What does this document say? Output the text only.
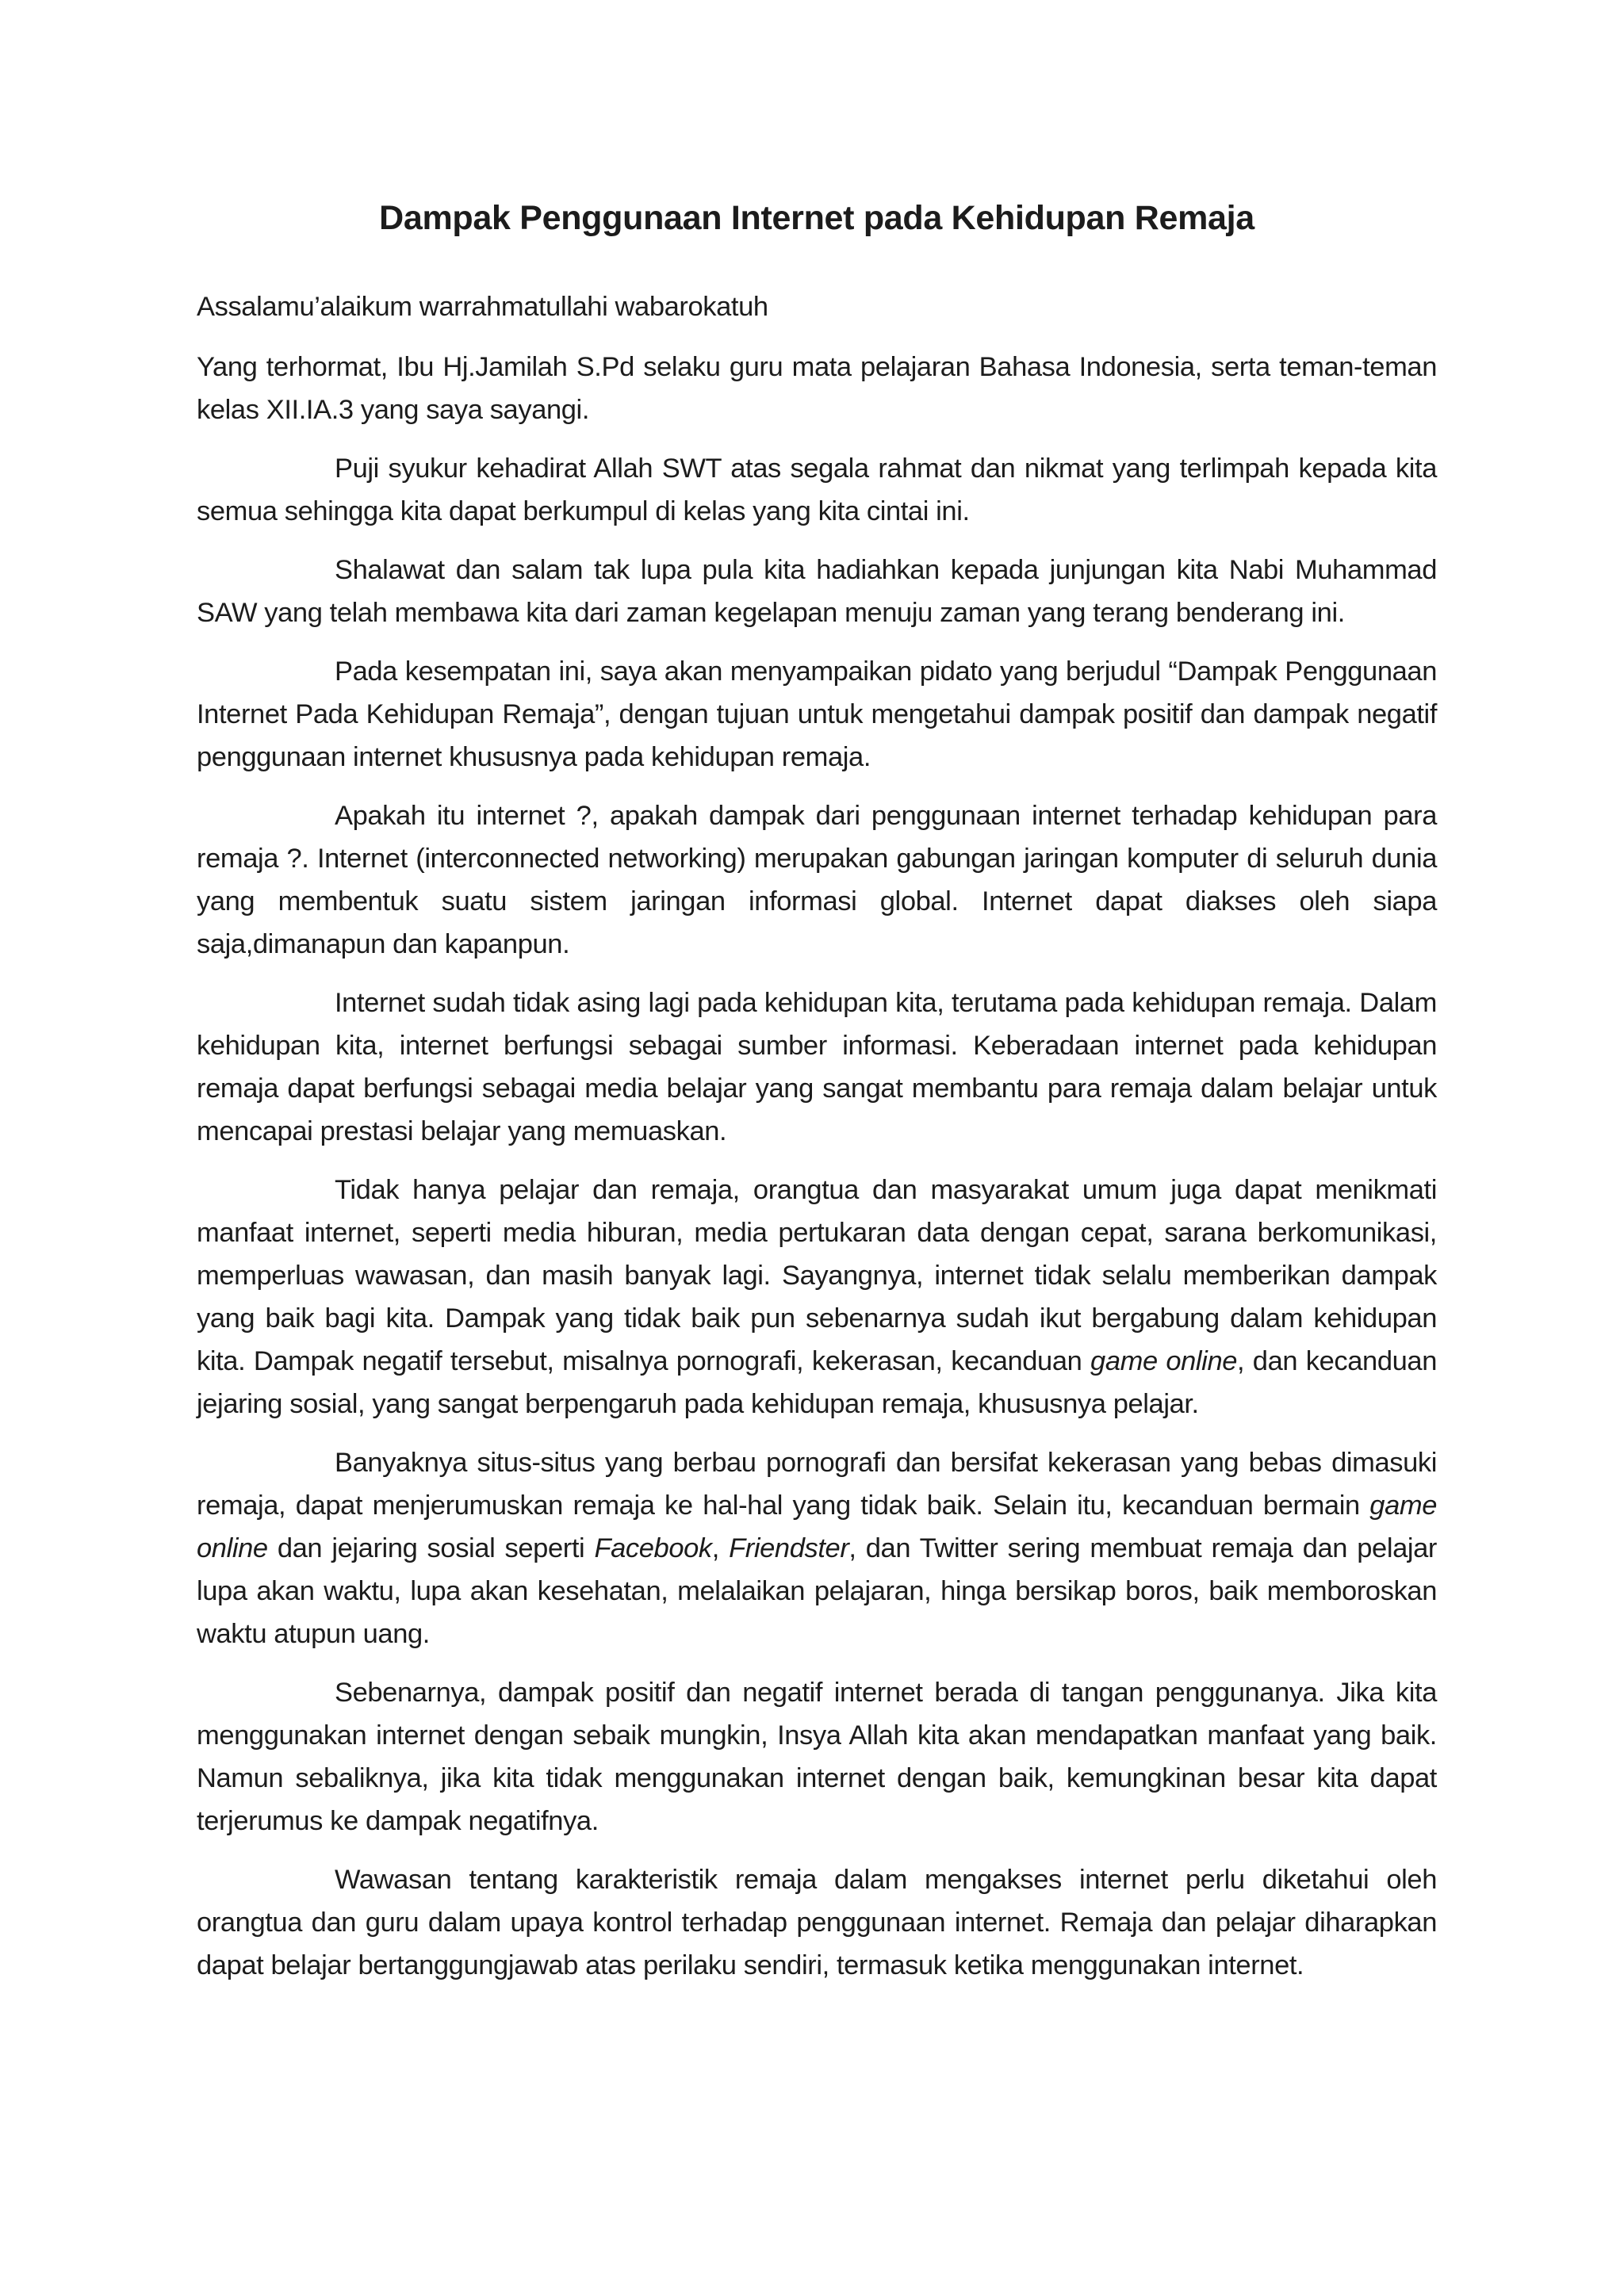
Dampak Penggunaan Internet pada Kehidupan Remaja

Assalamu’alaikum warrahmatullahi wabarokatuh

Yang terhormat, Ibu Hj.Jamilah S.Pd selaku guru mata pelajaran Bahasa Indonesia, serta teman-teman kelas XII.IA.3 yang saya sayangi.

Puji syukur kehadirat Allah SWT atas segala rahmat dan nikmat yang terlimpah kepada kita semua sehingga kita dapat berkumpul di kelas yang kita cintai ini.

Shalawat dan salam tak lupa pula kita hadiahkan kepada junjungan kita Nabi Muhammad SAW yang telah membawa kita dari zaman kegelapan menuju zaman yang terang benderang ini.

Pada kesempatan ini, saya akan menyampaikan pidato yang berjudul “Dampak Penggunaan Internet Pada Kehidupan Remaja”, dengan tujuan untuk mengetahui dampak positif dan dampak negatif penggunaan internet khususnya pada kehidupan remaja.

Apakah itu internet ?, apakah dampak dari penggunaan internet terhadap kehidupan para remaja ?. Internet (interconnected networking) merupakan gabungan jaringan komputer di seluruh dunia yang membentuk suatu sistem jaringan informasi global. Internet dapat diakses oleh siapa saja,dimanapun dan kapanpun.

Internet sudah tidak asing lagi pada kehidupan kita, terutama pada kehidupan remaja. Dalam kehidupan kita, internet berfungsi sebagai sumber informasi. Keberadaan internet pada kehidupan remaja dapat berfungsi sebagai media belajar yang sangat membantu para remaja dalam belajar untuk mencapai prestasi belajar yang memuaskan.

Tidak hanya pelajar dan remaja, orangtua dan masyarakat umum juga dapat menikmati manfaat internet, seperti media hiburan, media pertukaran data dengan cepat, sarana berkomunikasi, memperluas wawasan, dan masih banyak lagi. Sayangnya, internet tidak selalu memberikan dampak yang baik bagi kita. Dampak yang tidak baik pun sebenarnya sudah ikut bergabung dalam kehidupan kita. Dampak negatif tersebut, misalnya pornografi, kekerasan, kecanduan game online, dan kecanduan jejaring sosial, yang sangat berpengaruh pada kehidupan remaja, khususnya pelajar.

Banyaknya situs-situs yang berbau pornografi dan bersifat kekerasan yang bebas dimasuki remaja, dapat menjerumuskan remaja ke hal-hal yang tidak baik. Selain itu, kecanduan bermain game online dan jejaring sosial seperti Facebook, Friendster, dan Twitter sering membuat remaja dan pelajar lupa akan waktu, lupa akan kesehatan, melalaikan pelajaran, hinga bersikap boros, baik memboroskan waktu atupun uang.

Sebenarnya, dampak positif dan negatif internet berada di tangan penggunanya. Jika kita menggunakan internet dengan sebaik mungkin, Insya Allah kita akan mendapatkan manfaat yang baik. Namun sebaliknya, jika kita tidak menggunakan internet dengan baik, kemungkinan besar kita dapat terjerumus ke dampak negatifnya.

Wawasan tentang karakteristik remaja dalam mengakses internet perlu diketahui oleh orangtua dan guru dalam upaya kontrol terhadap penggunaan internet. Remaja dan pelajar diharapkan dapat belajar bertanggungjawab atas perilaku sendiri, termasuk ketika menggunakan internet.
